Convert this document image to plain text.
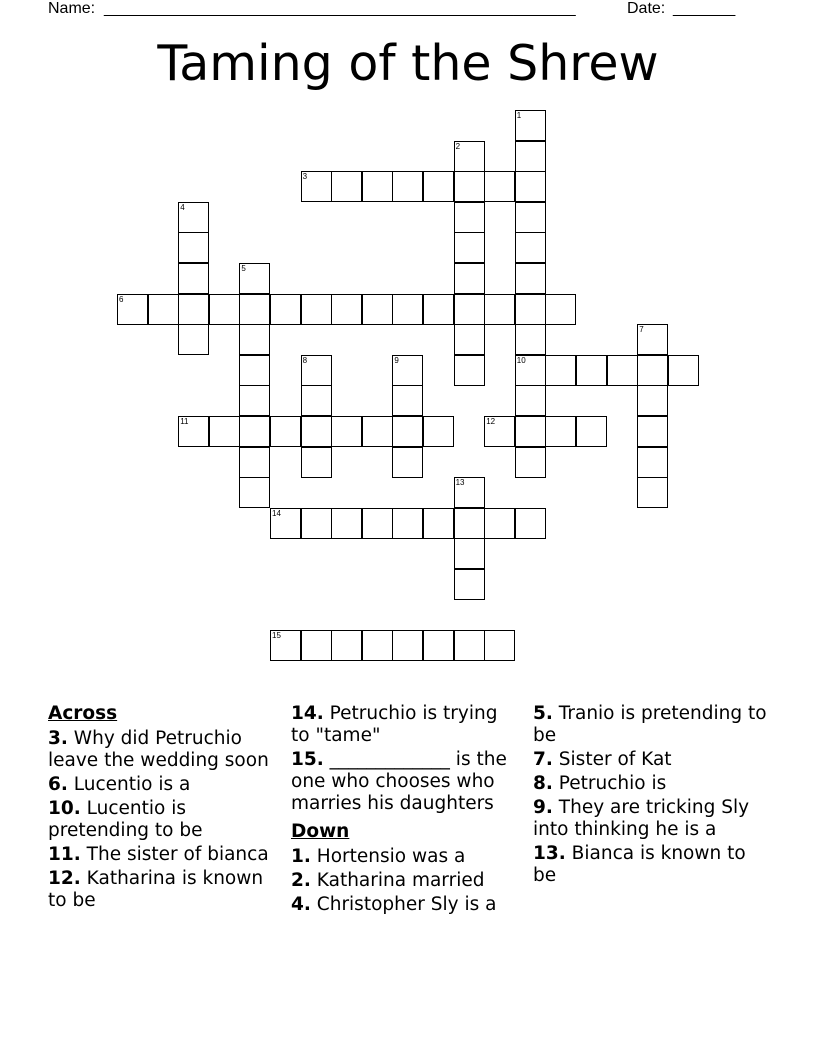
Name: _____________________________________________________	Date: _______
Taming of the Shrew
3
6
10
11	12
14
15
1
2
4
5
7
8	9
13
Across
3. Why did Petruchio leave the wedding soon
6. Lucentio is a
10. Lucentio is pretending to be
11. The sister of bianca
12. Katharina is known to be
14. Petruchio is trying to "tame"
15. _____________ is the one who chooses who marries his daughters
Down
1. Hortensio was a
2. Katharina married
4. Christopher Sly is a
5. Tranio is pretending to be
7. Sister of Kat
8. Petruchio is
9. They are tricking Sly into thinking he is a
13. Bianca is known to be
